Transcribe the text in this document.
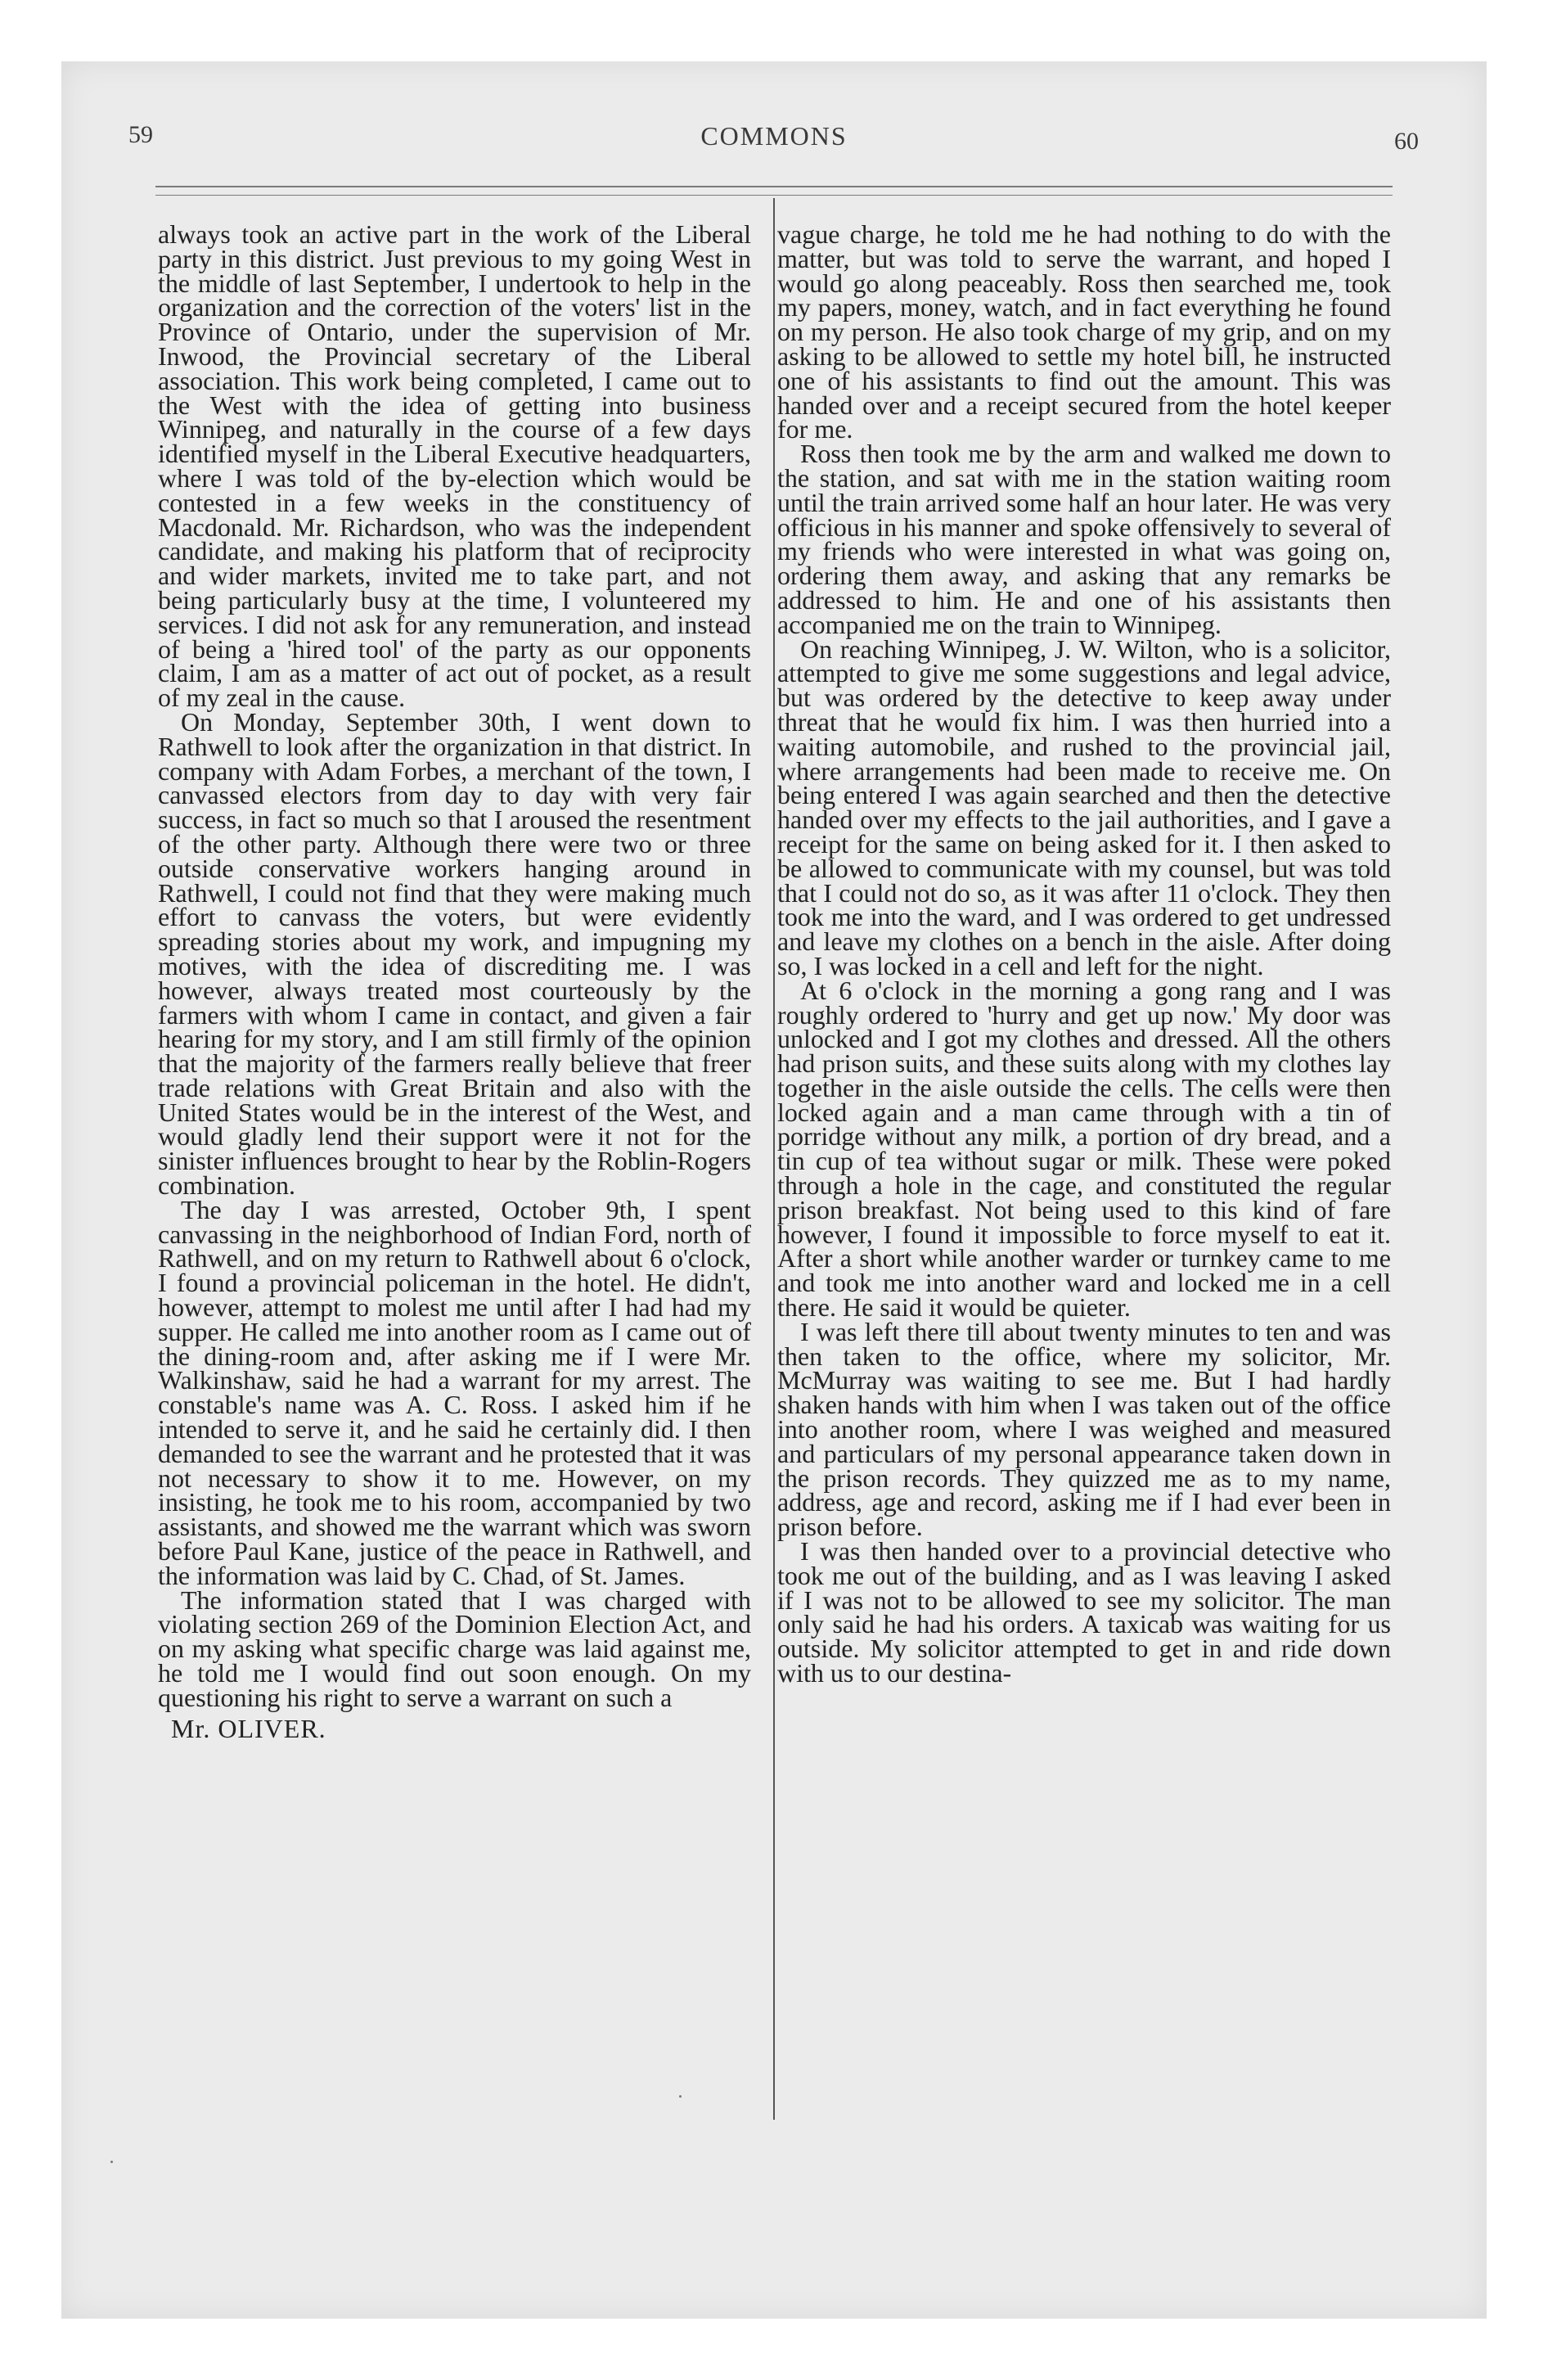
59	COMMONS	60

always took an active part in the work of the Liberal party in this district. Just previous to my going West in the middle of last September, I undertook to help in the organization and the correction of the voters' list in the Province of Ontario, under the supervision of Mr. Inwood, the Provincial secretary of the Liberal association. This work being completed, I came out to the West with the idea of getting into business Winnipeg, and naturally in the course of a few days identified myself in the Liberal Executive headquarters, where I was told of the by-election which would be contested in a few weeks in the constituency of Macdonald. Mr. Richardson, who was the independent candidate, and making his platform that of reciprocity and wider markets, invited me to take part, and not being particularly busy at the time, I volunteered my services. I did not ask for any remuneration, and instead of being a 'hired tool' of the party as our opponents claim, I am as a matter of act out of pocket, as a result of my zeal in the cause.

On Monday, September 30th, I went down to Rathwell to look after the organization in that district. In company with Adam Forbes, a merchant of the town, I canvassed electors from day to day with very fair success, in fact so much so that I aroused the resentment of the other party. Although there were two or three outside conservative workers hanging around in Rathwell, I could not find that they were making much effort to canvass the voters, but were evidently spreading stories about my work, and impugning my motives, with the idea of discrediting me. I was however, always treated most courteously by the farmers with whom I came in contact, and given a fair hearing for my story, and I am still firmly of the opinion that the majority of the farmers really believe that freer trade relations with Great Britain and also with the United States would be in the interest of the West, and would gladly lend their support were it not for the sinister influences brought to hear by the Roblin-Rogers combination.

The day I was arrested, October 9th, I spent canvassing in the neighborhood of Indian Ford, north of Rathwell, and on my return to Rathwell about 6 o'clock, I found a provincial policeman in the hotel. He didn't, however, attempt to molest me until after I had had my supper. He called me into another room as I came out of the dining-room and, after asking me if I were Mr. Walkinshaw, said he had a warrant for my arrest. The constable's name was A. C. Ross. I asked him if he intended to serve it, and he said he certainly did. I then demanded to see the warrant and he protested that it was not necessary to show it to me. However, on my insisting, he took me to his room, accompanied by two assistants, and showed me the warrant which was sworn before Paul Kane, justice of the peace in Rathwell, and the information was laid by C. Chad, of St. James.

The information stated that I was charged with violating section 269 of the Dominion Election Act, and on my asking what specific charge was laid against me, he told me I would find out soon enough. On my questioning his right to serve a warrant on such a

Mr. OLIVER.

vague charge, he told me he had nothing to do with the matter, but was told to serve the warrant, and hoped I would go along peaceably. Ross then searched me, took my papers, money, watch, and in fact everything he found on my person. He also took charge of my grip, and on my asking to be allowed to settle my hotel bill, he instructed one of his assistants to find out the amount. This was handed over and a receipt secured from the hotel keeper for me.

Ross then took me by the arm and walked me down to the station, and sat with me in the station waiting room until the train arrived some half an hour later. He was very officious in his manner and spoke offensively to several of my friends who were interested in what was going on, ordering them away, and asking that any remarks be addressed to him. He and one of his assistants then accompanied me on the train to Winnipeg.

On reaching Winnipeg, J. W. Wilton, who is a solicitor, attempted to give me some suggestions and legal advice, but was ordered by the detective to keep away under threat that he would fix him. I was then hurried into a waiting automobile, and rushed to the provincial jail, where arrangements had been made to receive me. On being entered I was again searched and then the detective handed over my effects to the jail authorities, and I gave a receipt for the same on being asked for it. I then asked to be allowed to communicate with my counsel, but was told that I could not do so, as it was after 11 o'clock. They then took me into the ward, and I was ordered to get undressed and leave my clothes on a bench in the aisle. After doing so, I was locked in a cell and left for the night.

At 6 o'clock in the morning a gong rang and I was roughly ordered to 'hurry and get up now.' My door was unlocked and I got my clothes and dressed. All the others had prison suits, and these suits along with my clothes lay together in the aisle outside the cells. The cells were then locked again and a man came through with a tin of porridge without any milk, a portion of dry bread, and a tin cup of tea without sugar or milk. These were poked through a hole in the cage, and constituted the regular prison breakfast. Not being used to this kind of fare however, I found it impossible to force myself to eat it. After a short while another warder or turnkey came to me and took me into another ward and locked me in a cell there. He said it would be quieter.

I was left there till about twenty minutes to ten and was then taken to the office, where my solicitor, Mr. McMurray was waiting to see me. But I had hardly shaken hands with him when I was taken out of the office into another room, where I was weighed and measured and particulars of my personal appearance taken down in the prison records. They quizzed me as to my name, address, age and record, asking me if I had ever been in prison before.

I was then handed over to a provincial detective who took me out of the building, and as I was leaving I asked if I was not to be allowed to see my solicitor. The man only said he had his orders. A taxicab was waiting for us outside. My solicitor attempted to get in and ride down with us to our destina-
